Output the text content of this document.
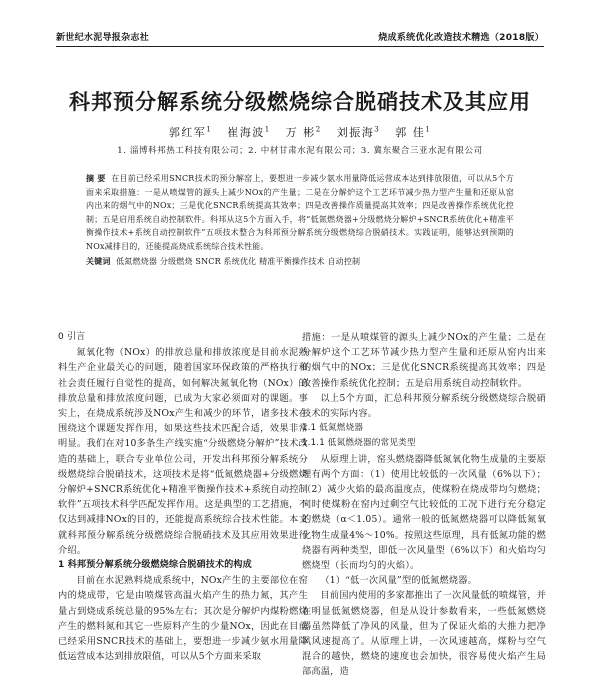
新世纪水泥导报杂志社	烧成系统优化改造技术精选（2018版）
科邦预分解系统分级燃烧综合脱硝技术及其应用
郭红军$^1$ 崔海波$^1$ 万 彬$^2$ 刘振海$^3$ 郭 佳$^1$
1. 淄博科邦热工科技有限公司；2. 中材甘肃水泥有限公司；3. 冀东聚合三亚水泥有限公司
摘 要 在目前已经采用SNCR技术的预分解窑上，要想进一步减少氨水用量降低运营成本达到排放限值，可以从5个方面来采取措施：一是从喷煤管的源头上减少NOx的产生量；二是在分解炉这个工艺环节减少热力型产生量和还原从窑内出来的烟气中的NOx；三是优化SNCR系统提高其效率；四是改善操作质量提高其效率；四是改善操作系统优化控制；五是启用系统自动控制软件。科邦从这5个方面入手，将“低氮燃烧器+分级燃烧分解炉+SNCR系统优化+精准平衡操作技术+系统自动控制软件”五项技术整合为科邦预分解系统分级燃烧综合脱硝技术。实践证明，能够达到预期的NOx减排目的，还能提高烧成系统综合技术性能。
关键词 低氮燃烧器 分级燃烧 SNCR 系统优化 精准平衡操作技术 自动控制

0 引言

氮氧化物（NOx）的排放总量和排放浓度是目前水泥熟料生产企业最关心的问题，随着国家环保政策的严格执行和社会责任履行自觉性的提高，如何解决氮氧化物（NOx）的排放总量和排放浓度问题，已成为大家必须面对的课题。事实上，在烧成系统涉及NOx产生和减少的环节，诸多技术在围绕这个课题发挥作用，如果这些技术匹配合适，效果非常明显。我们在对10多条生产线实施“分级燃烧分解炉”技术改造的基础上，联合专业单位公司，开发出科邦预分解系统分级燃烧综合脱硝技术，这项技术是将“低氮燃烧器+分级燃烧分解炉+SNCR系统优化+精准平衡操作技术+系统自动控制软件”五项技术科学匹配发挥作用。这是典型的工艺措施，不仅达到减排NOx的目的，还能提高系统综合技术性能。本文就科邦预分解系统分级燃烧综合脱硝技术及其应用效果进行介绍。

1 科邦预分解系统分级燃烧综合脱硝技术的构成

目前在水泥熟料烧成系统中，NOx产生的主要部位在窑内的烧成带，它是由喷煤管高温火焰产生的热力氮，其产生量占到烧成系统总量的95%左右；其次是分解炉内煤粉燃烧产生的燃料氮和其它一些原料产生的少量NOx，因此在目前已经采用SNCR技术的基础上，要想进一步减少氨水用量降低运营成本达到排放限值，可以从5个方面来采取

措施：一是从喷煤管的源头上减少NOx的产生量；二是在分解炉这个工艺环节减少热力型产生量和还原从窑内出来的烟气中的NOx；三是优化SNCR系统提高其效率；四是改善操作系统优化控制；五是启用系统自动控制软件。

以上5个方面，汇总科邦预分解系统分级燃烧综合脱硝技术的实际内容。

1.1 低氮燃烧器

1.1.1 低氮燃烧器的常见类型

从原理上讲，窑头燃烧器降低氮氧化物生成量的主要原理有两个方面：（1）使用比较低的一次风量（6%以下）；（2）减少火焰的最高温度点，使煤粉在烧成带均匀燃烧；同时使煤粉在窑内过剩空气比较低的工况下进行充分稳定的燃烧（α＜1.05）。通常一般的低氮燃烧器可以降低氮氧化物生成量4%～10%。按照这些原理，具有低氮功能的燃烧器有两种类型，即低一次风量型（6%以下）和火焰均匀燃烧型（长而均匀的火焰）。

（1）“低一次风量”型的低氮燃烧器。

目前国内使用的多家都推出了一次风量低的喷煤管，并在明显低氮燃烧器，但是从设计参数看来，一些低氮燃烧器虽然降低了净风的风量，但为了保证火焰的大推力把净风风速提高了。从原理上讲，一次风速越高，煤粉与空气混合的越快，燃烧的速度也会加快，很容易使火焰产生局部高温，造
